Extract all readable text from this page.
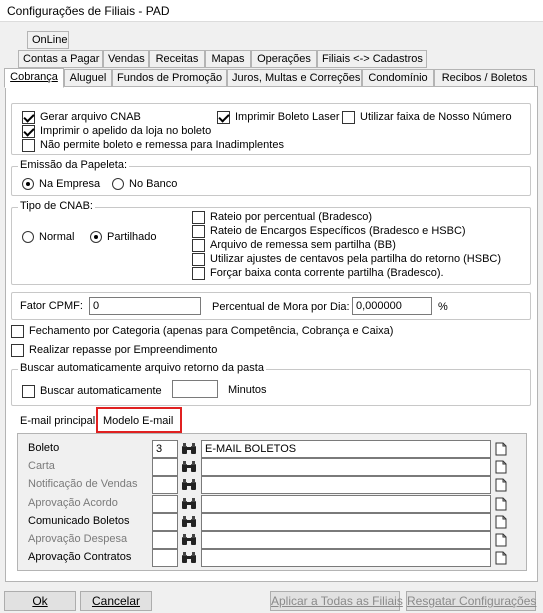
Configurações de Filiais - PAD
OnLine
Contas a Pagar Vendas Receitas	Mapas	Operações	Filiais <-> Cadastros
Cobrança	Aluguel Fundos de Promoção Juros, Multas e Correções Condomínio	Recibos / Boletos
Gerar arquivo CNAB	Imprimir Boleto Laser Utilizar faixa de Nosso Número
Imprimir o apelido da loja no boleto
Não permite boleto e remessa para Inadimplentes
Emissão da Papeleta:
Na Empresa	No Banco
Tipo de CNAB:
Normal	Partilhado
Rateio por percentual (Bradesco)
Rateio de Encargos Específicos (Bradesco e HSBC)
Arquivo de remessa sem partilha (BB)
Utilizar ajustes de centavos pela partilha do retorno (HSBC)
Forçar baixa conta corrente partilha (Bradesco).
Fator CPMF: 0	Percentual de Mora por Dia: 0,000000	%
Fechamento por Categoria (apenas para Competência, Cobrança e Caixa)
Realizar repasse por Empreendimento
Buscar automaticamente arquivo retorno da pasta
Buscar automaticamente	Minutos
E-mail principal Modelo E-mail
Boleto	3	E-MAIL BOLETOS
Carta
Notificação de Vendas
Aprovação Acordo
Comunicado Boletos
Aprovação Despesa
Aprovação Contratos
Ok	Cancelar	Aplicar a Todas as Filiais Resgatar Configurações
